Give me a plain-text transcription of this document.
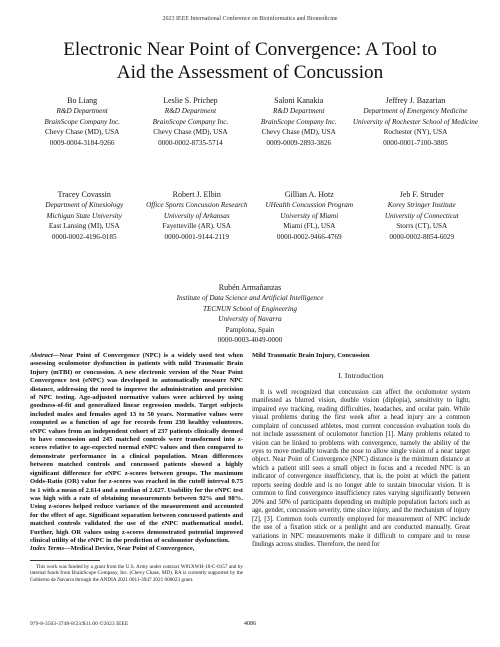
2023 IEEE International Conference on Bioinformatics and Biomedicine
Electronic Near Point of Convergence: A Tool to
Aid the Assessment of Concussion
Bo Liang
R&D Department
BrainScope Company Inc.
Chevy Chase (MD), USA
0009-0004-3184-9266
Leslie S. Prichep
R&D Department
BrainScope Company Inc.
Chevy Chase (MD), USA
0000-0002-8735-5714
Saloni Kanakia
R&D Department
BrainScope Company Inc.
Chevy Chase (MD), USA
0009-0009-2893-3826
Jeffrey J. Bazarian
Department of Emergency Medicine
University of Rochester School of Medicine
Rochester (NY), USA
0000-0001-7100-3805
Tracey Covassin
Department of Kinesiology
Michigan State University
East Lansing (MI), USA
0000-0002-4196-0185
Robert J. Elbin
Office Sports Concussion Research
University of Arkansas
Fayetteville (AR), USA
0000-0001-9144-2119
Gillian A. Hotz
UHealth Concussion Program
University of Miami
Miami (FL), USA
0000-0002-9466-4769
Jeb F. Struder
Korey Stringer Institute
University of Connecticut
Storrs (CT), USA
0000-0002-8854-6029
Rubén Armañanzas
Institute of Data Science and Artificial Intelligence
TECNUN School of Engineering
University of Navarra
Pamplona, Spain
0000-0003-4049-0000
Abstract—Near Point of Convergence (NPC) is a widely used test when assessing oculomotor dysfunction in patients with mild Traumatic Brain Injury (mTBI) or concussion. A new electronic version of the Near Point Convergence test (eNPC) was developed to automatically measure NPC distance, addressing the need to improve the administration and precision of NPC testing. Age-adjusted normative values were achieved by using goodness-of-fit and generalized linear regression models. Target subjects included males and females aged 13 to 50 years. Normative values were computed as a function of age for records from 230 healthy volunteers. eNPC values from an independent cohort of 237 patients clinically deemed to have concussion and 245 matched controls were transformed into z-scores relative to age-expected normal eNPC values and then compared to demonstrate performance in a clinical population. Mean differences between matched controls and concussed patients showed a highly significant difference for eNPC z-scores between groups. The maximum Odds-Ratio (OR) value for z-scores was reached in the cutoff interval 0.75 to 1 with a mean of 2.614 and a median of 2.627. Usability for the eNPC test was high with a rate of obtaining measurements between 92% and 98%. Using z-scores helped reduce variance of the measurement and accounted for the effect of age. Significant separation between concussed patients and matched controls validated the use of the eNPC mathematical model. Further, high OR values using z-scores demonstrated potential improved clinical utility of the eNPC in the prediction of oculomotor dysfunction.
Index Terms—Medical Device, Near Point of Convergence,
This work was funded by a grant from the U.S. Army under contract W81XWH-18-C-0157 and by internal funds from BrainScope Company, Inc. (Chevy Chase, MD). RA is currently supported by the Gobierno de Navarra through the ANDIA 2021 0011-3947 2021 000023 grant.
Mild Traumatic Brain Injury, Concussion
I. Introduction
It is well recognized that concussion can affect the oculomotor system manifested as blurred vision, double vision (diplopia), sensitivity to light, impaired eye tracking, reading difficulties, headaches, and ocular pain. While visual problems during the first week after a head injury are a common complaint of concussed athletes, most current concussion evaluation tools do not include assessment of oculomotor function [1]. Many problems related to vision can be linked to problems with convergence, namely the ability of the eyes to move medially towards the nose to allow single vision of a near target object. Near Point of Convergence (NPC) distance is the minimum distance at which a patient still sees a small object in focus and a receded NPC is an indicator of convergence insufficiency, that is, the point at which the patient reports seeing double and is no longer able to sustain binocular vision. It is common to find convergence insufficiency rates varying significantly between 20% and 50% of participants depending on multiple population factors such as age, gender, concussion severity, time since injury, and the mechanism of injury [2], [3]. Common tools currently employed for measurement of NPC include the use of a fixation stick or a penlight and are conducted manually. Great variations in NPC measurements make it difficult to compare and to reuse findings across studies. Therefore, the need for
979-8-3503-3748-8/23/$31.00 ©2023 IEEE	4086
